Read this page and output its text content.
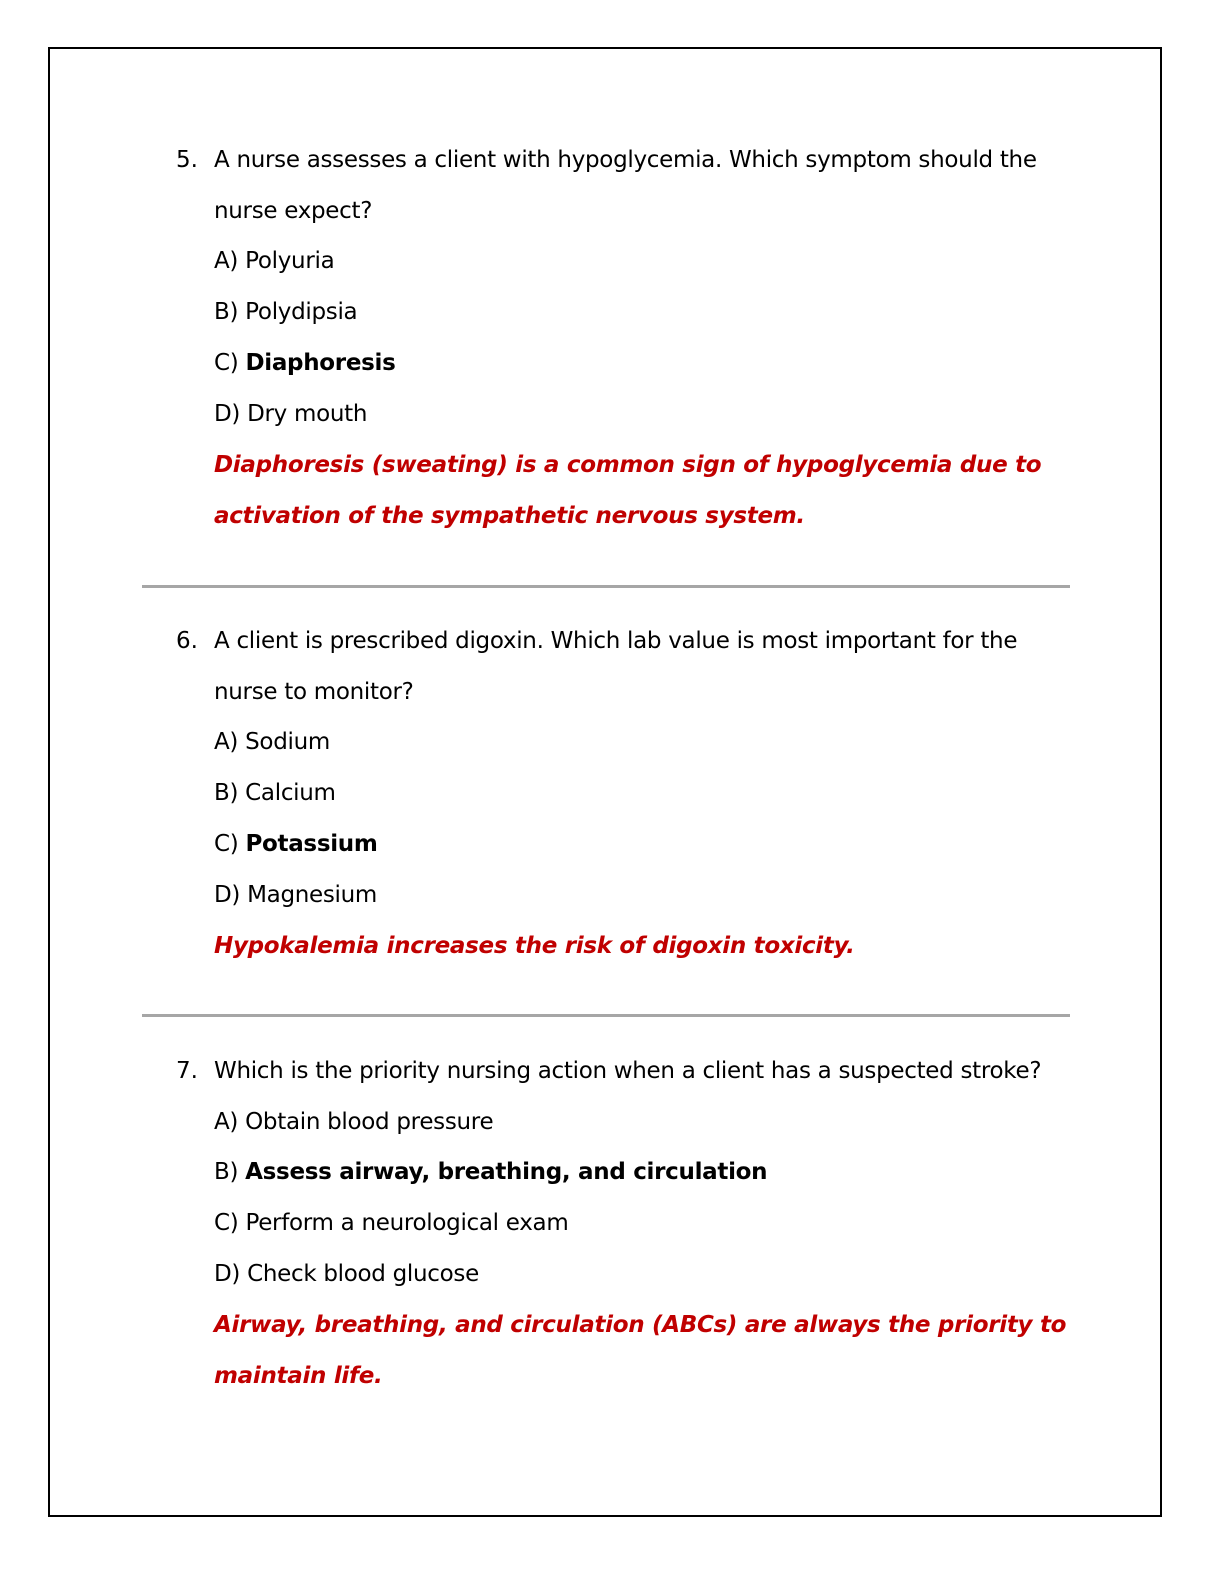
5. A nurse assesses a client with hypoglycemia. Which symptom should the
nurse expect?
A) Polyuria
B) Polydipsia
C) Diaphoresis
D) Dry mouth
Diaphoresis (sweating) is a common sign of hypoglycemia due to
activation of the sympathetic nervous system.
6. A client is prescribed digoxin. Which lab value is most important for the
nurse to monitor?
A) Sodium
B) Calcium
C) Potassium
D) Magnesium
Hypokalemia increases the risk of digoxin toxicity.
7. Which is the priority nursing action when a client has a suspected stroke?
A) Obtain blood pressure
B) Assess airway, breathing, and circulation
C) Perform a neurological exam
D) Check blood glucose
Airway, breathing, and circulation (ABCs) are always the priority to
maintain life.
